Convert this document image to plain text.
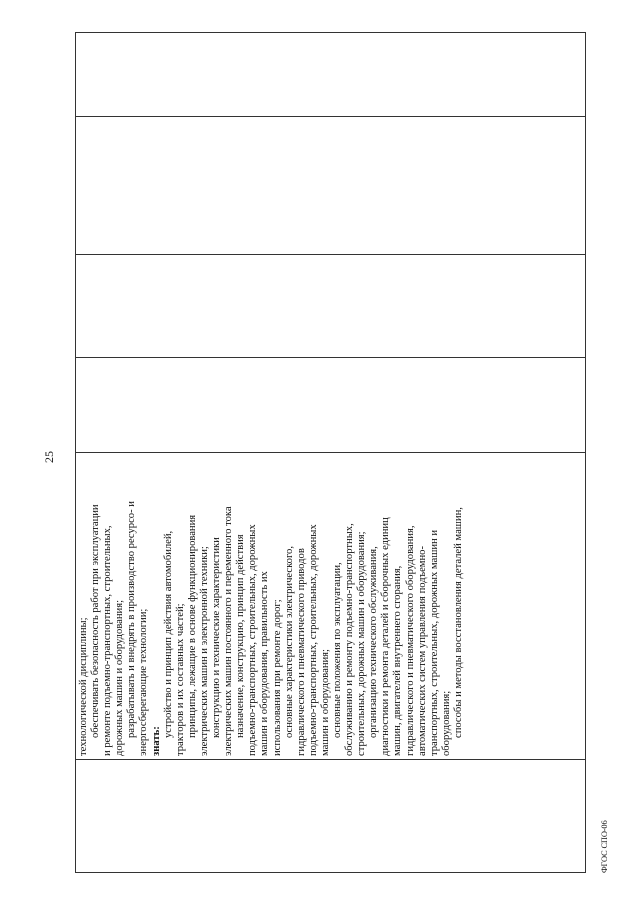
25
ФГОС СПО-06

технологической дисциплины; обеспечивать безопасность работ при эксплуатации и ремонте подъемно-транспортных, строительных, дорожных машин и оборудования; разрабатывать и внедрять в производство ресурсо- и энергосберегающие технологии; знать:
устройство и принцип действия автомобилей, тракторов и их составных частей; принципы, лежащие в основе функционирования электрических машин и электронной техники; конструкцию и технические характеристики электрических машин постоянного и переменного тока назначение, конструкцию, принцип действия подъемно-транспортных, строительных, дорожных машин и оборудования, правильность их использования при ремонте дорог; основные характеристики электрического, гидравлического и пневматического приводов подъемно-транспортных, строительных, дорожных машин и оборудования; основные положения по эксплуатации, обслуживанию и ремонту подъемно-транспортных, строительных, дорожных машин и оборудования; организацию технического обслуживания, диагностики и ремонта деталей и сборочных единиц машин, двигателей внутреннего сгорания, гидравлического и пневматического оборудования, автоматических систем управления подъемно- транспортных, строительных, дорожных машин и оборудования; способы и методы восстановления деталей машин,
